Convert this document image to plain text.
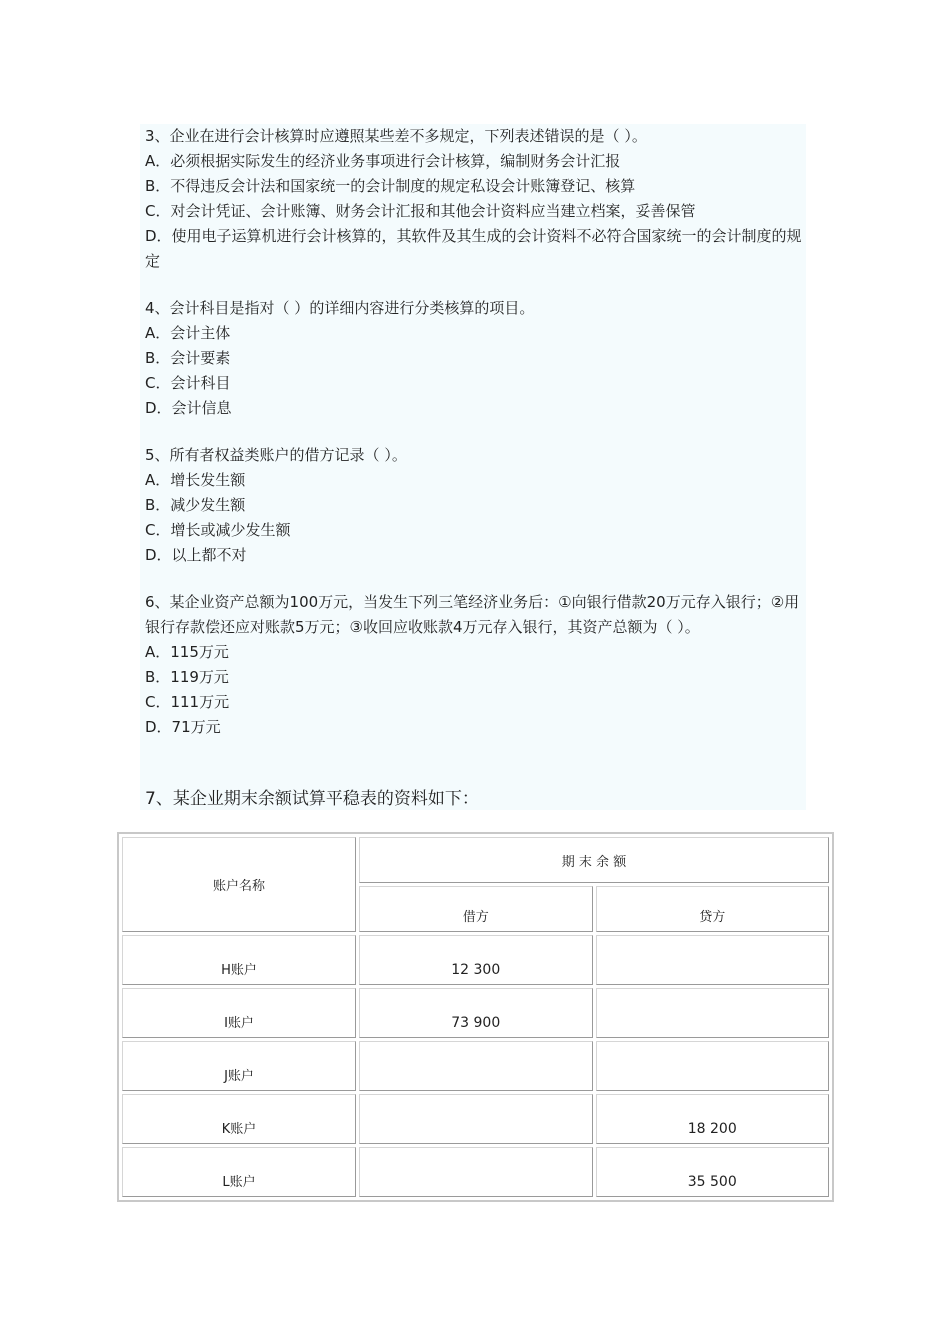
3、企业在进行会计核算时应遵照某些差不多规定，下列表述错误的是（ ）。

A．必须根据实际发生的经济业务事项进行会计核算，编制财务会计汇报

B．不得违反会计法和国家统一的会计制度的规定私设会计账簿登记、核算

C．对会计凭证、会计账簿、财务会计汇报和其他会计资料应当建立档案，妥善保管

D．使用电子运算机进行会计核算的，其软件及其生成的会计资料不必符合国家统一的会计制度的规定

4、会计科目是指对（ ）的详细内容进行分类核算的项目。

A．会计主体

B．会计要素

C．会计科目

D．会计信息

5、所有者权益类账户的借方记录（ ）。

A．增长发生额

B．减少发生额

C．增长或减少发生额

D．以上都不对

6、某企业资产总额为100万元，当发生下列三笔经济业务后：①向银行借款20万元存入银行；②用银行存款偿还应对账款5万元；③收回应收账款4万元存入银行，其资产总额为（ ）。

A．115万元

B．119万元

C．111万元

D．71万元

7、某企业期末余额试算平稳表的资料如下：

账户名称	期 末 余 额	
	借方	贷方
H账户	12 300	
I账户	73 900	
J账户		
K账户		18 200
L账户		35 500
